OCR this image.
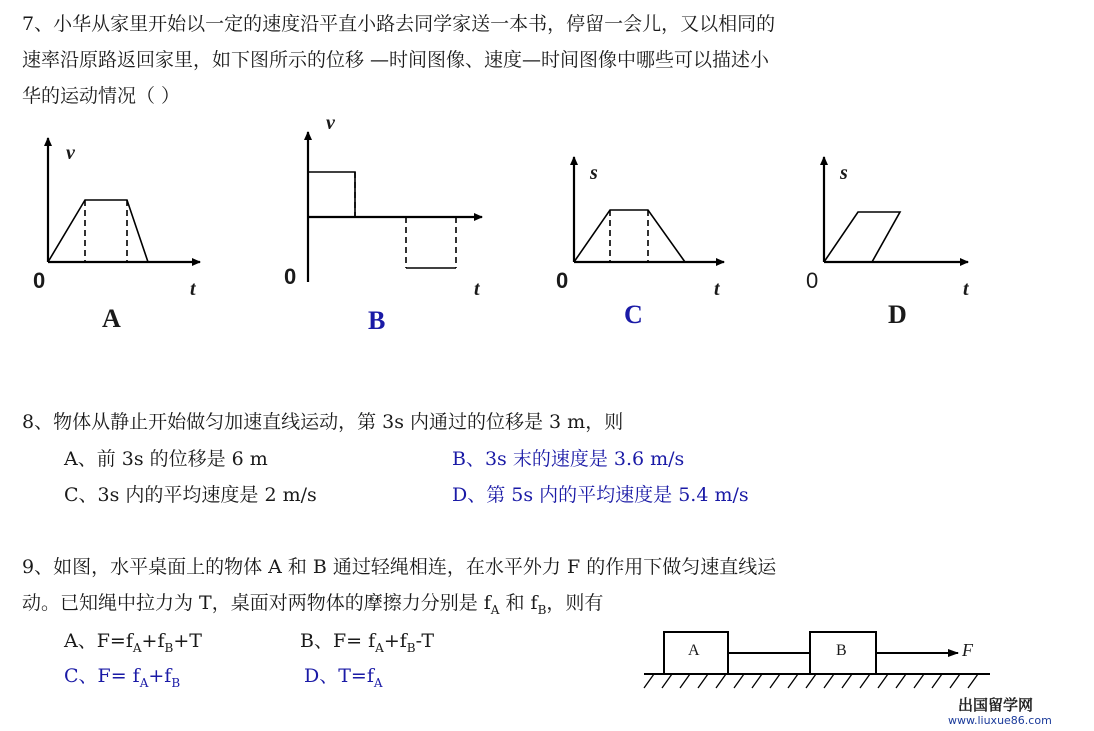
7、小华从家里开始以一定的速度沿平直小路去同学家送一本书，停留一会儿，又以相同的
速率沿原路返回家里，如下图所示的位移 —时间图像、速度—时间图像中哪些可以描述小
华的运动情况（ ）
v
0	t
A
v
0	t
B
s
0	t
C
s
0	t
D
8、物体从静止开始做匀加速直线运动，第 3s 内通过的位移是 3 m，则
A、前 3s 的位移是 6 m	B、3s 末的速度是 3.6 m/s
C、3s 内的平均速度是 2 m/s	D、第 5s 内的平均速度是 5.4 m/s
9、如图，水平桌面上的物体 A 和 B 通过轻绳相连，在水平外力 F 的作用下做匀速直线运
动。已知绳中拉力为 T，桌面对两物体的摩擦力分别是 $f_A$ 和 $f_B$，则有
A、$F=f_A+f_B+T$	B、$F= f_A+f_B-T$
C、$F= f_A+f_B$	D、$T=f_A$
A	B	F
出国留学网
www.liuxue86.com
